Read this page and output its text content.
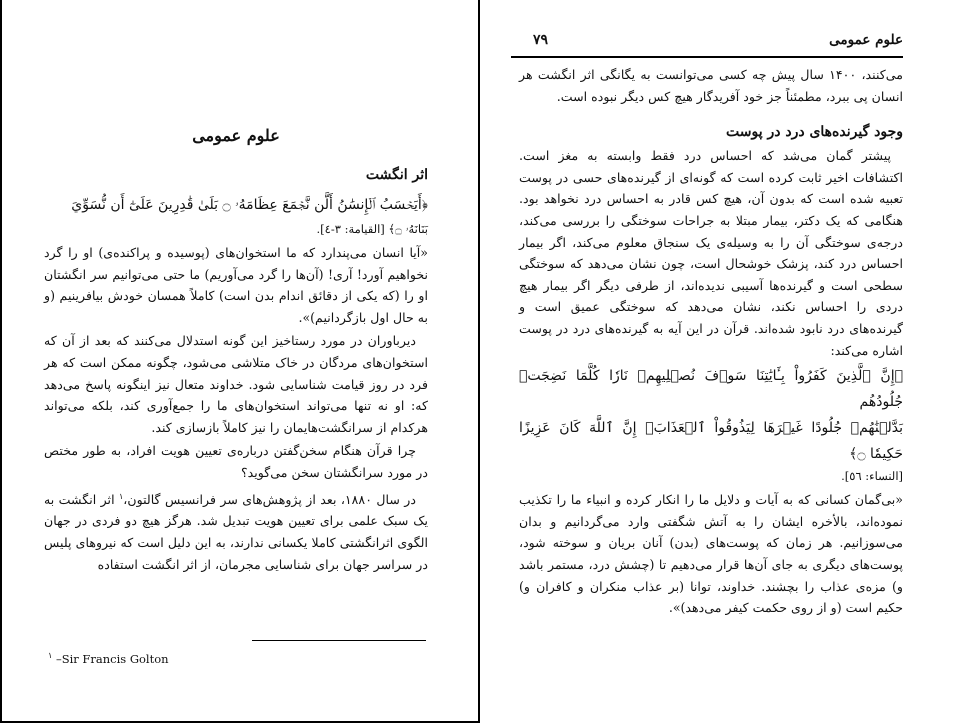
علوم عمومی

اثر انگشت

﴿أَيَحۡسَبُ ٱلۡإِنسَٰنُ أَلَّن نَّجۡمَعَ عِظَامَهُۥ ۝ بَلَىٰ قَٰدِرِينَ عَلَىٰٓ أَن نُّسَوِّيَ

بَنَانَهُۥ ۝﴾ [القيامة: ۳-٤].

«آیا انسان می‌پندارد که ما استخوان‌های (پوسیده و پراکنده‌ی) او را گرد نخواهیم آورد! آری! (آن‌ها را گرد می‌آوریم) ما حتی می‌توانیم سر انگشتان او را (که یکی از دقائق اندام بدن است) کاملاً همسان خودش بیافرینیم (و به حال اول بازگردانیم)».

دیرباوران در مورد رستاخیز این گونه استدلال می‌کنند که بعد از آن که استخوان‌های مردگان در خاک متلاشی می‌شود، چگونه ممکن است که هر فرد در روز قیامت شناسایی شود. خداوند متعال نیز اینگونه پاسخ می‌دهد که: او نه تنها می‌تواند استخوان‌های ما را جمع‌آوری کند، بلکه می‌تواند هرکدام از سرانگشت‌هایمان را نیز کاملاً بازسازی کند.

چرا قرآن هنگام سخن‌گفتن درباره‌ی تعیین هویت افراد، به طور مختص در مورد سرانگشتان سخن می‌گوید؟

در سال ۱۸۸۰، بعد از پژوهش‌های سر فرانسیس گالتون،$^۱$ اثر انگشت به یک سبک علمی برای تعیین هویت تبدیل شد. هرگز هیچ دو فردی در جهان الگوی اثرانگشتی کاملا یکسانی ندارند، به این دلیل است که نیروهای پلیس در سراسر جهان برای شناسایی مجرمان، از اثر انگشت استفاده

$^۱$ –Sir Francis Golton
علوم عمومی
۷۹

می‌کنند، ۱۴۰۰ سال پیش چه کسی می‌توانست به یگانگی اثر انگشت هر انسان پی ببرد، مطمئناً جز خود آفریدگار هیچ کس دیگر نبوده است.

وجود گیرنده‌های درد در پوست

پیشتر گمان می‌شد که احساس درد فقط وابسته به مغز است. اکتشافات اخیر ثابت کرده است که گونه‌ای از گیرنده‌های حسی در پوست تعبیه شده است که بدون آن، هیچ کس قادر به احساس درد نخواهد بود. هنگامی که یک دکتر، بیمار مبتلا به جراحات سوختگی را بررسی می‌کند، درجه‌ی سوختگی آن را به وسیله‌ی یک سنجاق معلوم می‌کند، اگر بیمار احساس درد کند، پزشک خوشحال است، چون نشان می‌دهد که سوختگی سطحی است و گیرنده‌ها آسیبی ندیده‌اند، از طرفی دیگر اگر بیمار هیچ دردی را احساس نکند، نشان می‌دهد که سوختگی عمیق است و گیرنده‌های درد نابود شده‌اند. قرآن در این آیه به گیرنده‌های درد در پوست اشاره می‌کند:

﴿إِنَّ ٱلَّذِينَ كَفَرُواْ بِـَٔايَٰتِنَا سَوۡفَ نُصۡلِيهِمۡ نَارٗا كُلَّمَا نَضِجَتۡ جُلُودُهُم

بَدَّلۡنَٰهُمۡ جُلُودًا غَيۡرَهَا لِيَذُوقُواْ ٱلۡعَذَابَۗ إِنَّ ٱللَّهَ كَانَ عَزِيزًا حَكِيمٗا ۝﴾

[النساء: ٥٦].

«بی‌گمان کسانی که به آیات و دلایل ما را انکار کرده و انبیاء ما را تکذیب نموده‌اند، بالأخره ایشان را به آتش شگفتی وارد می‌گردانیم و بدان می‌سوزانیم. هر زمان که پوست‌های (بدن) آنان بریان و سوخته شود، پوست‌های دیگری به جای آن‌ها قرار می‌دهیم تا (چشش درد، مستمر باشد و) مزه‌ی عذاب را بچشند. خداوند، توانا (بر عذاب منکران و کافران و) حکیم است (و از روی حکمت کیفر می‌دهد)».
